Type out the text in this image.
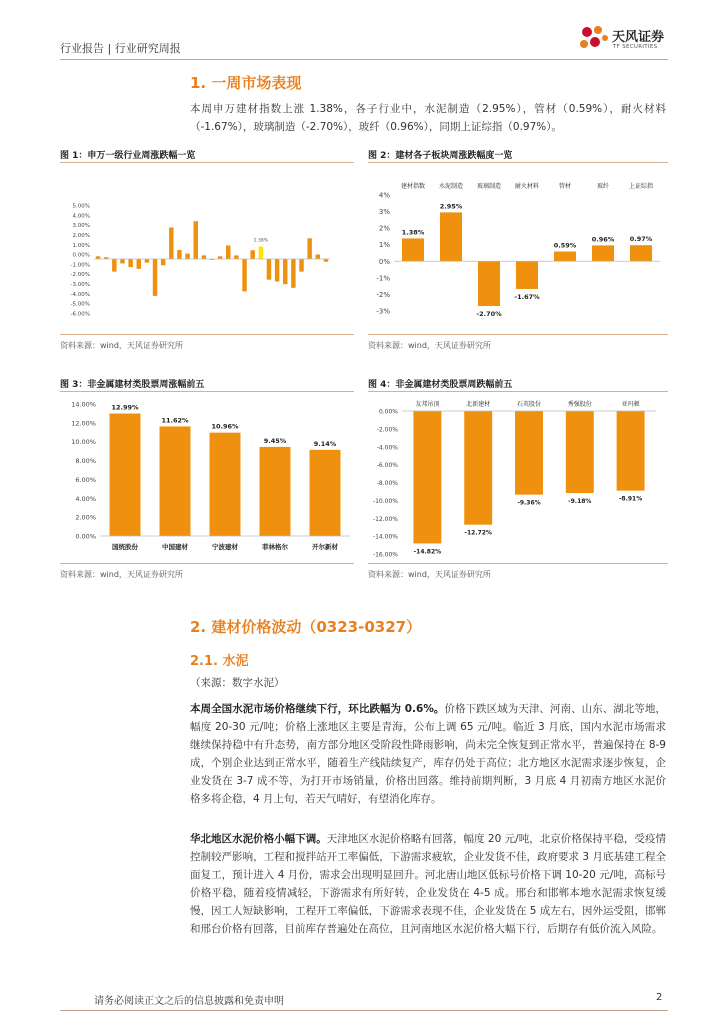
行业报告 | 行业研究周报
天风证券
TF SECURITIES
1. 一周市场表现
本周申万建材指数上涨 1.38%，各子行业中，水泥制造（2.95%），管材（0.59%），耐火材料（-1.67%），玻璃制造（-2.70%），玻纤（0.96%），同期上证综指（0.97%）。
图 1：申万一级行业周涨跌幅一览
5.00%
4.00%
3.00%
2.00%
1.00%
0.00%
-1.00%
-2.00%
-3.00%
-4.00%
-5.00%
-6.00%
1.38%
资料来源：wind，天风证券研究所
图 2：建材各子板块周涨跌幅度一览
4%
3%
2%
1%
0%
-1%
-2%
-3%
1.38%
建材指数
2.95%
水泥制造
-2.70%
玻璃制造
-1.67%
耐火材料
0.59%
管材
0.96%
玻纤
0.97%
上证综指
资料来源：wind，天风证券研究所
图 3：非金属建材类股票周涨幅前五
14.00%
12.00%
10.00%
8.00%
6.00%
4.00%
2.00%
0.00%
12.99%
国统股份
11.62%
中国建材
10.96%
宁波建材
9.45%
菲林格尔
9.14%
开尔新材
资料来源：wind，天风证券研究所
图 4：非金属建材类股票周跌幅前五
0.00%
-2.00%
-4.00%
-6.00%
-8.00%
-10.00%
-12.00%
-14.00%
-16.00%	-14.82%
友邦吊顶
-12.72%
北新建材
-9.36%
石英股份
-9.18%
秀强股份
-8.91%
亚玛顿
资料来源：wind，天风证券研究所
2. 建材价格波动（0323-0327）
2.1. 水泥
（来源：数字水泥）
本周全国水泥市场价格继续下行，环比跌幅为 0.6%。价格下跌区域为天津、河南、山东、湖北等地，幅度 20-30 元/吨；价格上涨地区主要是青海，公布上调 65 元/吨。临近 3 月底，国内水泥市场需求继续保持稳中有升态势，南方部分地区受阶段性降雨影响，尚未完全恢复到正常水平，普遍保持在 8-9 成，个别企业达到正常水平，随着生产线陆续复产，库存仍处于高位；北方地区水泥需求逐步恢复，企业发货在 3-7 成不等，为打开市场销量，价格出回落。维持前期判断，3 月底 4 月初南方地区水泥价格多将企稳，4 月上旬，若天气晴好，有望消化库存。
华北地区水泥价格小幅下调。天津地区水泥价格略有回落，幅度 20 元/吨，北京价格保持平稳，受疫情控制较严影响，工程和搅拌站开工率偏低，下游需求疲软，企业发货不佳，政府要求 3 月底基建工程全面复工，预计进入 4 月份，需求会出现明显回升。河北唐山地区低标号价格下调 10-20 元/吨，高标号价格平稳，随着疫情减轻，下游需求有所好转，企业发货在 4-5 成。邢台和邯郸本地水泥需求恢复缓慢，因工人短缺影响，工程开工率偏低，下游需求表现不佳，企业发货在 5 成左右，因外运受阻，邯郸和邢台价格有回落，目前库存普遍处在高位，且河南地区水泥价格大幅下行，后期存有低价流入风险。
请务必阅读正文之后的信息披露和免责申明	2
